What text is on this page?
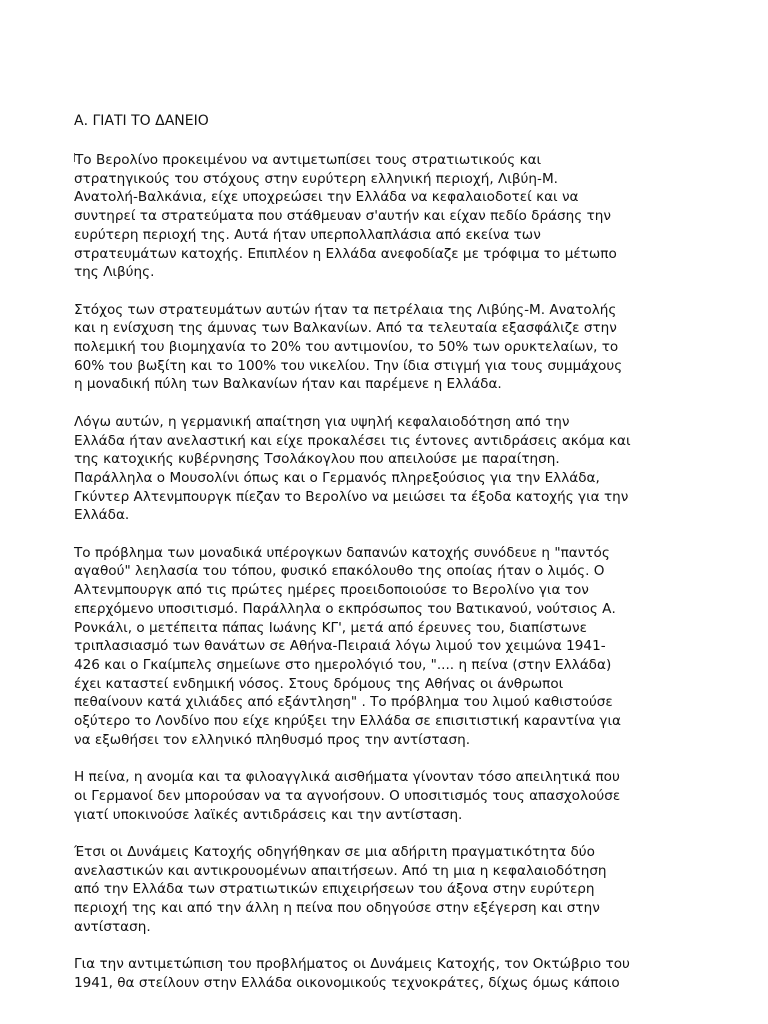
Α. ΓΙΑΤΙ ΤΟ ΔΑΝΕΙΟ
Το Βερολίνο προκειμένου να αντιμετωπίσει τους στρατιωτικούς και
στρατηγικούς του στόχους στην ευρύτερη ελληνική περιοχή, Λιβύη-Μ.
Ανατολή-Βαλκάνια, είχε υποχρεώσει την Ελλάδα να κεφαλαιοδοτεί και να
συντηρεί τα στρατεύματα που στάθμευαν σ'αυτήν και είχαν πεδίο δράσης την
ευρύτερη περιοχή της. Αυτά ήταν υπερπολλαπλάσια από εκείνα των
στρατευμάτων κατοχής. Επιπλέον η Ελλάδα ανεφοδίαζε με τρόφιμα το μέτωπο
της Λιβύης.
Στόχος των στρατευμάτων αυτών ήταν τα πετρέλαια της Λιβύης-Μ. Ανατολής
και η ενίσχυση της άμυνας των Βαλκανίων. Από τα τελευταία εξασφάλιζε στην
πολεμική του βιομηχανία το 20% του αντιμονίου, το 50% των ορυκτελαίων, το
60% του βωξίτη και το 100% του νικελίου. Την ίδια στιγμή για τους συμμάχους
η μοναδική πύλη των Βαλκανίων ήταν και παρέμενε η Ελλάδα.
Λόγω αυτών, η γερμανική απαίτηση για υψηλή κεφαλαιοδότηση από την
Ελλάδα ήταν ανελαστική και είχε προκαλέσει τις έντονες αντιδράσεις ακόμα και
της κατοχικής κυβέρνησης Τσολάκογλου που απειλούσε με παραίτηση.
Παράλληλα ο Μουσολίνι όπως και ο Γερμανός πληρεξούσιος για την Ελλάδα,
Γκύντερ Αλτενμπουργκ πίεζαν το Βερολίνο να μειώσει τα έξοδα κατοχής για την
Ελλάδα.
Το πρόβλημα των μοναδικά υπέρογκων δαπανών κατοχής συνόδευε η "παντός
αγαθού" λεηλασία του τόπου, φυσικό επακόλουθο της οποίας ήταν ο λιμός. Ο
Αλτενμπουργκ από τις πρώτες ημέρες προειδοποιούσε το Βερολίνο για τον
επερχόμενο υποσιτισμό. Παράλληλα ο εκπρόσωπος του Βατικανού, νούτσιος Α.
Ρονκάλι, ο μετέπειτα πάπας Ιωάνης ΚΓ', μετά από έρευνες του, διαπίστωνε
τριπλασιασμό των θανάτων σε Αθήνα-Πειραιά λόγω λιμού τον χειμώνα 1941-
426 και ο Γκαίμπελς σημείωνε στο ημερολόγιό του, ".... η πείνα (στην Ελλάδα)
έχει καταστεί ενδημική νόσος. Στους δρόμους της Αθήνας οι άνθρωποι
πεθαίνουν κατά χιλιάδες από εξάντληση" . Το πρόβλημα του λιμού καθιστούσε
οξύτερο το Λονδίνο που είχε κηρύξει την Ελλάδα σε επισιτιστική καραντίνα για
να εξωθήσει τον ελληνικό πληθυσμό προς την αντίσταση.
Η πείνα, η ανομία και τα φιλοαγγλικά αισθήματα γίνονταν τόσο απειλητικά που
οι Γερμανοί δεν μπορούσαν να τα αγνοήσουν. Ο υποσιτισμός τους απασχολούσε
γιατί υποκινούσε λαϊκές αντιδράσεις και την αντίσταση.
Έτσι οι Δυνάμεις Κατοχής οδηγήθηκαν σε μια αδήριτη πραγματικότητα δύο
ανελαστικών και αντικρουομένων απαιτήσεων. Από τη μια η κεφαλαιοδότηση
από την Ελλάδα των στρατιωτικών επιχειρήσεων του άξονα στην ευρύτερη
περιοχή της και από την άλλη η πείνα που οδηγούσε στην εξέγερση και στην
αντίσταση.
Για την αντιμετώπιση του προβλήματος οι Δυνάμεις Κατοχής, τον Οκτώβριο του
1941, θα στείλουν στην Ελλάδα οικονομικούς τεχνοκράτες, δίχως όμως κάποιο
